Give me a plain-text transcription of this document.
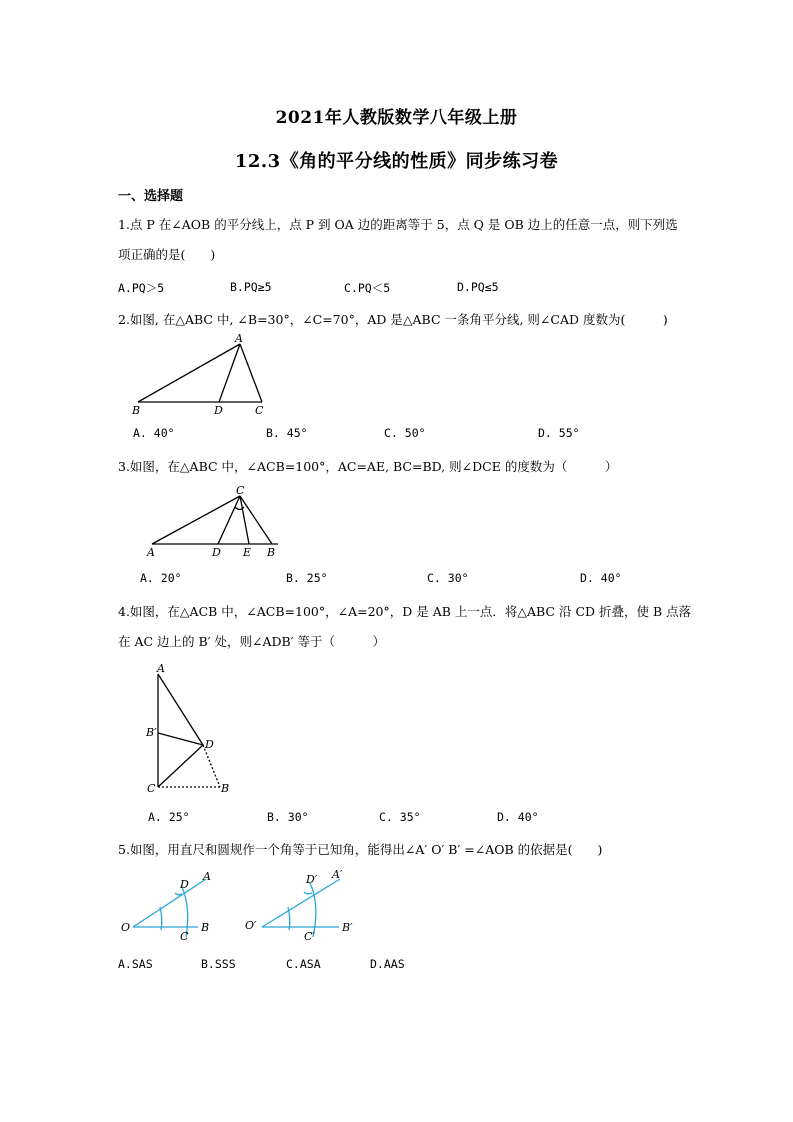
2021年人教版数学八年级上册
12.3《角的平分线的性质》同步练习卷
一、选择题
1.点 P 在∠AOB 的平分线上，点 P 到 OA 边的距离等于 5，点 Q 是 OB 边上的任意一点，则下列选
项正确的是(　　)
A.PQ＞5	B.PQ≥5	C.PQ＜5	D.PQ≤5
2.如图, 在△ABC 中, ∠B=30°，∠C=70°，AD 是△ABC 一条角平分线, 则∠CAD 度数为(　　　)
A
B	D	C
A. 40°	B. 45°	C. 50°	D. 55°
3.如图，在△ABC 中，∠ACB=100°，AC=AE, BC=BD, 则∠DCE 的度数为（　　　）
C
A	D E B
A. 20°	B. 25°	C. 30°	D. 40°
4.如图，在△ACB 中，∠ACB=100°，∠A=20°，D 是 AB 上一点．将△ABC 沿 CD 折叠，使 B 点落
在 AC 边上的 B′ 处，则∠ADB′ 等于（　　　）
A
B′
D
C	B
A. 25°	B. 30°	C. 35°	D. 40°
5.如图，用直尺和圆规作一个角等于已知角，能得出∠A′ O′ B′ =∠AOB 的依据是(　　)
D
A
O
C
B
D′ A′
O′
C′
B′
A.SAS	B.SSS	C.ASA	D.AAS
